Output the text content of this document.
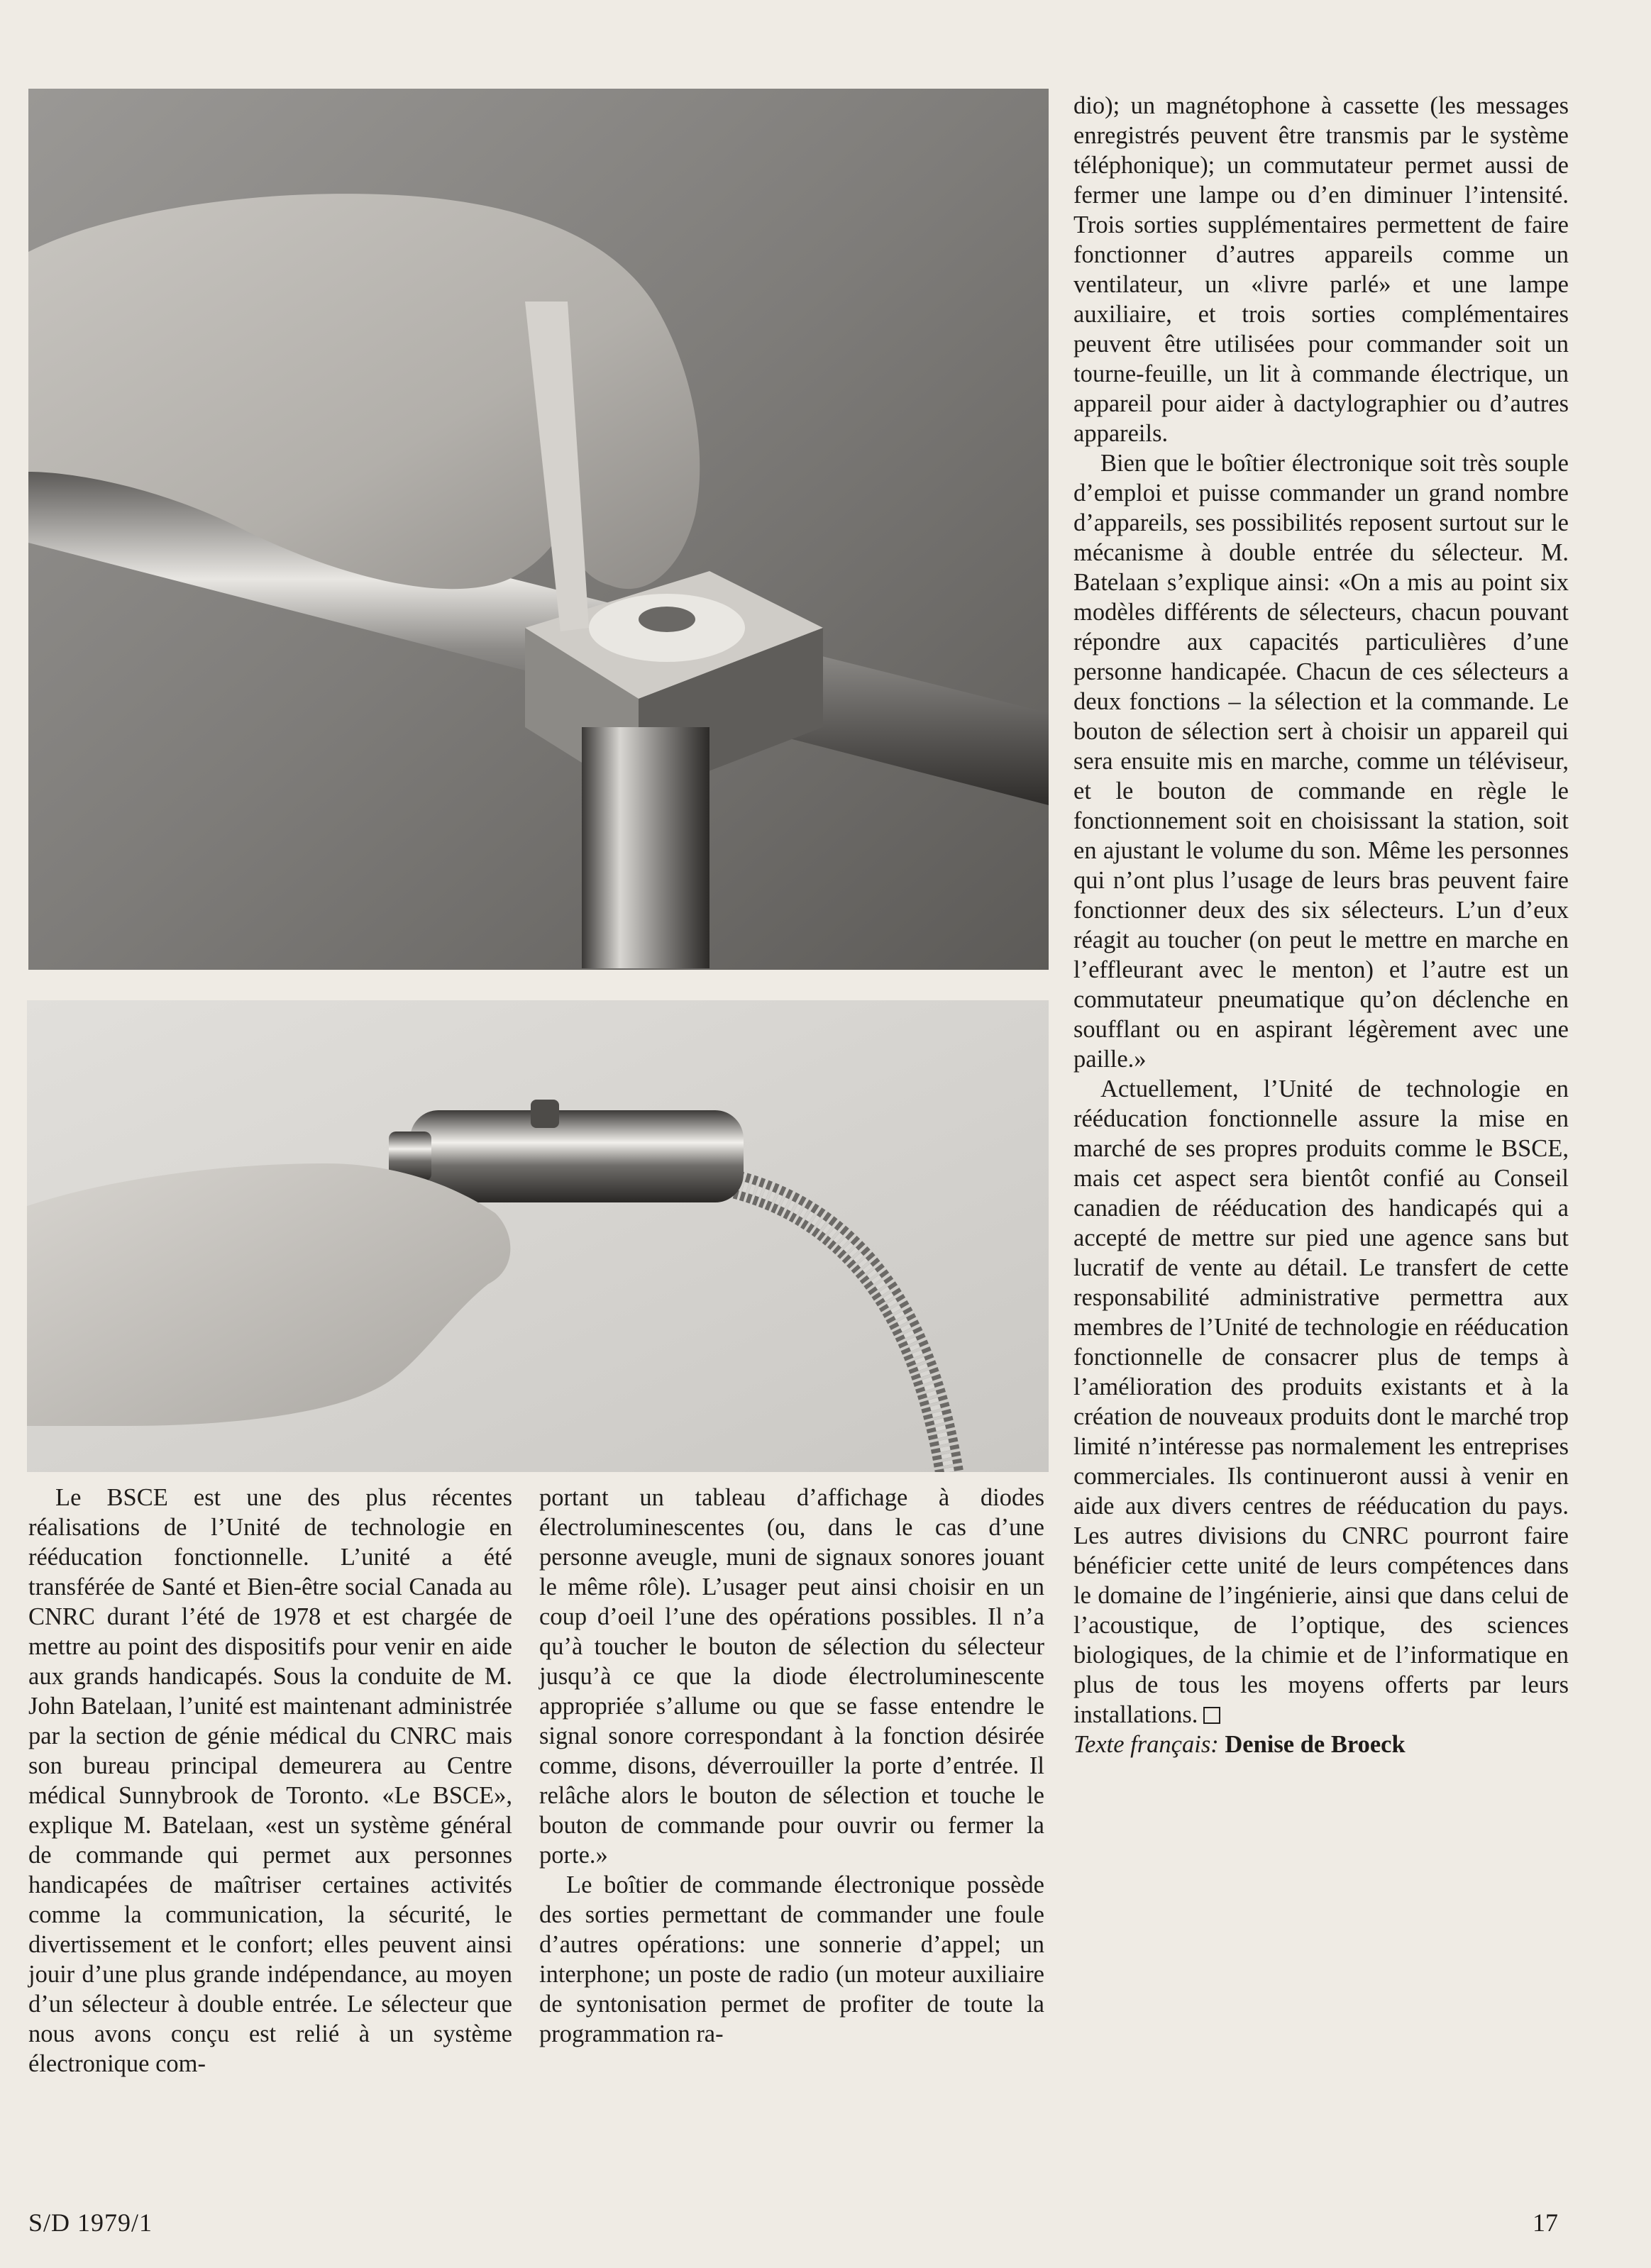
Le BSCE est une des plus récentes réalisations de l’Unité de technologie en rééducation fonctionnelle. L’unité a été transférée de Santé et Bien-être social Canada au CNRC durant l’été de 1978 et est chargée de mettre au point des dispositifs pour venir en aide aux grands handicapés. Sous la conduite de M. John Batelaan, l’unité est maintenant administrée par la section de génie médical du CNRC mais son bureau principal demeurera au Centre médical Sunnybrook de Toronto. «Le BSCE», explique M. Batelaan, «est un système général de commande qui permet aux personnes handicapées de maîtriser certaines activités comme la communication, la sécurité, le divertissement et le confort; elles peuvent ainsi jouir d’une plus grande indépendance, au moyen d’un sélecteur à double entrée. Le sélecteur que nous avons conçu est relié à un système électronique com-

portant un tableau d’affichage à diodes électroluminescentes (ou, dans le cas d’une personne aveugle, muni de signaux sonores jouant le même rôle). L’usager peut ainsi choisir en un coup d’oeil l’une des opérations possibles. Il n’a qu’à toucher le bouton de sélection du sélecteur jusqu’à ce que la diode électroluminescente appropriée s’allume ou que se fasse entendre le signal sonore correspondant à la fonction désirée comme, disons, déverrouiller la porte d’entrée. Il relâche alors le bouton de sélection et touche le bouton de commande pour ouvrir ou fermer la porte.»

Le boîtier de commande électronique possède des sorties permettant de commander une foule d’autres opérations: une sonnerie d’appel; un interphone; un poste de radio (un moteur auxiliaire de syntonisation permet de profiter de toute la programmation ra-

dio); un magnétophone à cassette (les messages enregistrés peuvent être transmis par le système téléphonique); un commutateur permet aussi de fermer une lampe ou d’en diminuer l’intensité. Trois sorties supplémentaires permettent de faire fonctionner d’autres appareils comme un ventilateur, un «livre parlé» et une lampe auxiliaire, et trois sorties complémentaires peuvent être utilisées pour commander soit un tourne-feuille, un lit à commande électrique, un appareil pour aider à dactylographier ou d’autres appareils.

Bien que le boîtier électronique soit très souple d’emploi et puisse commander un grand nombre d’appareils, ses possibilités reposent surtout sur le mécanisme à double entrée du sélecteur. M. Batelaan s’explique ainsi: «On a mis au point six modèles différents de sélecteurs, chacun pouvant répondre aux capacités particulières d’une personne handicapée. Chacun de ces sélecteurs a deux fonctions – la sélection et la commande. Le bouton de sélection sert à choisir un appareil qui sera ensuite mis en marche, comme un téléviseur, et le bouton de commande en règle le fonctionnement soit en choisissant la station, soit en ajustant le volume du son. Même les personnes qui n’ont plus l’usage de leurs bras peuvent faire fonctionner deux des six sélecteurs. L’un d’eux réagit au toucher (on peut le mettre en marche en l’effleurant avec le menton) et l’autre est un commutateur pneumatique qu’on déclenche en soufflant ou en aspirant légèrement avec une paille.»

Actuellement, l’Unité de technologie en rééducation fonctionnelle assure la mise en marché de ses propres produits comme le BSCE, mais cet aspect sera bientôt confié au Conseil canadien de rééducation des handicapés qui a accepté de mettre sur pied une agence sans but lucratif de vente au détail. Le transfert de cette responsabilité administrative permettra aux membres de l’Unité de technologie en rééducation fonctionnelle de consacrer plus de temps à l’amélioration des produits existants et à la création de nouveaux produits dont le marché trop limité n’intéresse pas normalement les entreprises commerciales. Ils continueront aussi à venir en aide aux divers centres de rééducation du pays. Les autres divisions du CNRC pourront faire bénéficier cette unité de leurs compétences dans le domaine de l’ingénierie, ainsi que dans celui de l’acoustique, de l’optique, des sciences biologiques, de la chimie et de l’informatique en plus de tous les moyens offerts par leurs installations.

Texte français: Denise de Broeck

S/D 1979/1	17
